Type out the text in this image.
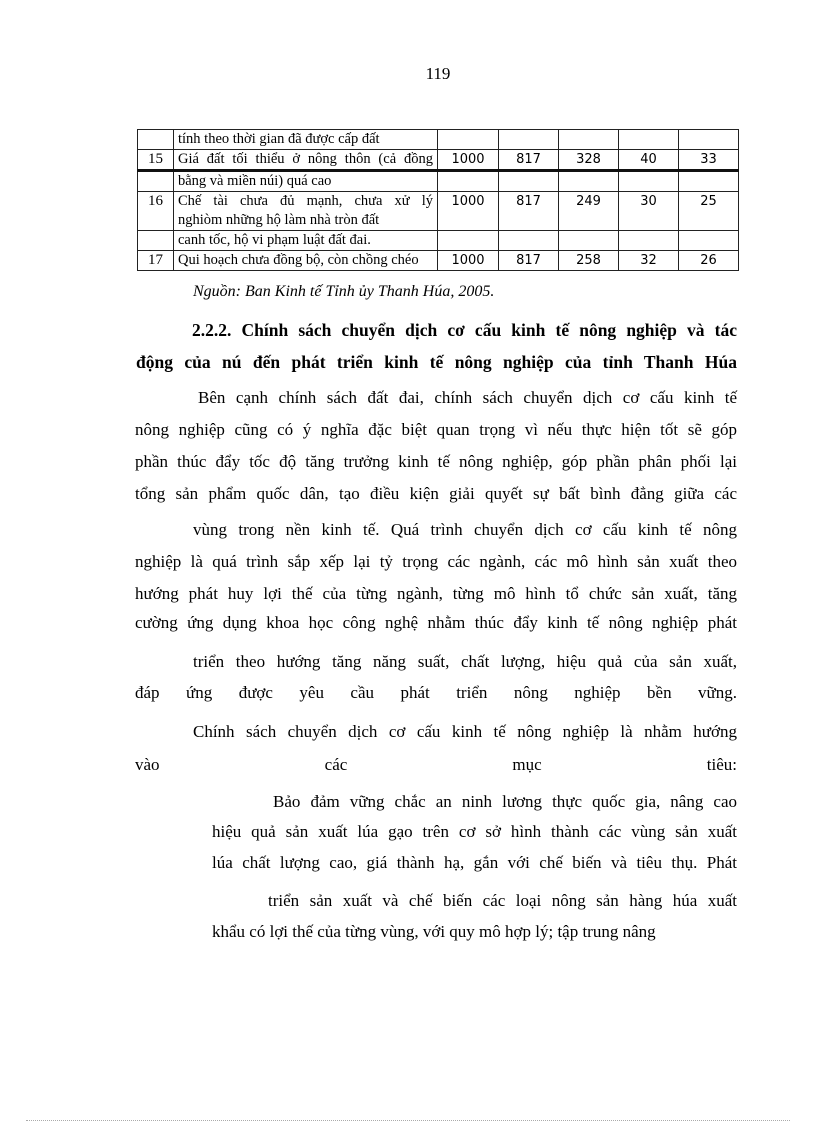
119

	tính theo thời gian đã được cấp đất					

15	Giá đất tối thiểu ở nông thôn (cả đồng	1000	817	328	40	33

	bằng và miền núi) quá cao					

16	Chế tài chưa đủ mạnh, chưa xử lý
nghiòm những hộ làm nhà tròn đất	1000	817	249	30	25

	canh tốc, hộ vi phạm luật đất đai.					

17	Qui hoạch chưa đồng bộ, còn chồng chéo	1000	817	258	32	26
Nguồn: Ban Kinh tế Tỉnh ủy Thanh Húa, 2005.
2.2.2. Chính sách chuyển dịch cơ cấu kinh tế nông nghiệp và tác
động của nú đến phát triển kinh tế nông nghiệp của tỉnh Thanh Húa
Bên cạnh chính sách đất đai, chính sách chuyển dịch cơ cấu kinh tế
nông nghiệp cũng có ý nghĩa đặc biệt quan trọng vì nếu thực hiện tốt sẽ góp
phần thúc đẩy tốc độ tăng trưởng kinh tế nông nghiệp, góp phần phân phối lại
tổng sản phẩm quốc dân, tạo điều kiện giải quyết sự bất bình đẳng giữa các
vùng trong nền kinh tế. Quá trình chuyển dịch cơ cấu kinh tế nông
nghiệp là quá trình sắp xếp lại tỷ trọng các ngành, các mô hình sản xuất theo
hướng phát huy lợi thế của từng ngành, từng mô hình tổ chức sản xuất, tăng
cường ứng dụng khoa học công nghệ nhằm thúc đẩy kinh tế nông nghiệp phát
triển theo hướng tăng năng suất, chất lượng, hiệu quả của sản xuất,
đáp ứng được yêu cầu phát triển nông nghiệp bền vững.
Chính sách chuyển dịch cơ cấu kinh tế nông nghiệp là nhằm hướng
vào các mục tiêu:
Bảo đảm vững chắc an ninh lương thực quốc gia, nâng cao
hiệu quả sản xuất lúa gạo trên cơ sở hình thành các vùng sản xuất
lúa chất lượng cao, giá thành hạ, gắn với chế biến và tiêu thụ. Phát
triển sản xuất và chế biến các loại nông sản hàng húa xuất
khẩu có lợi thế của từng vùng, với quy mô hợp lý; tập trung nâng
